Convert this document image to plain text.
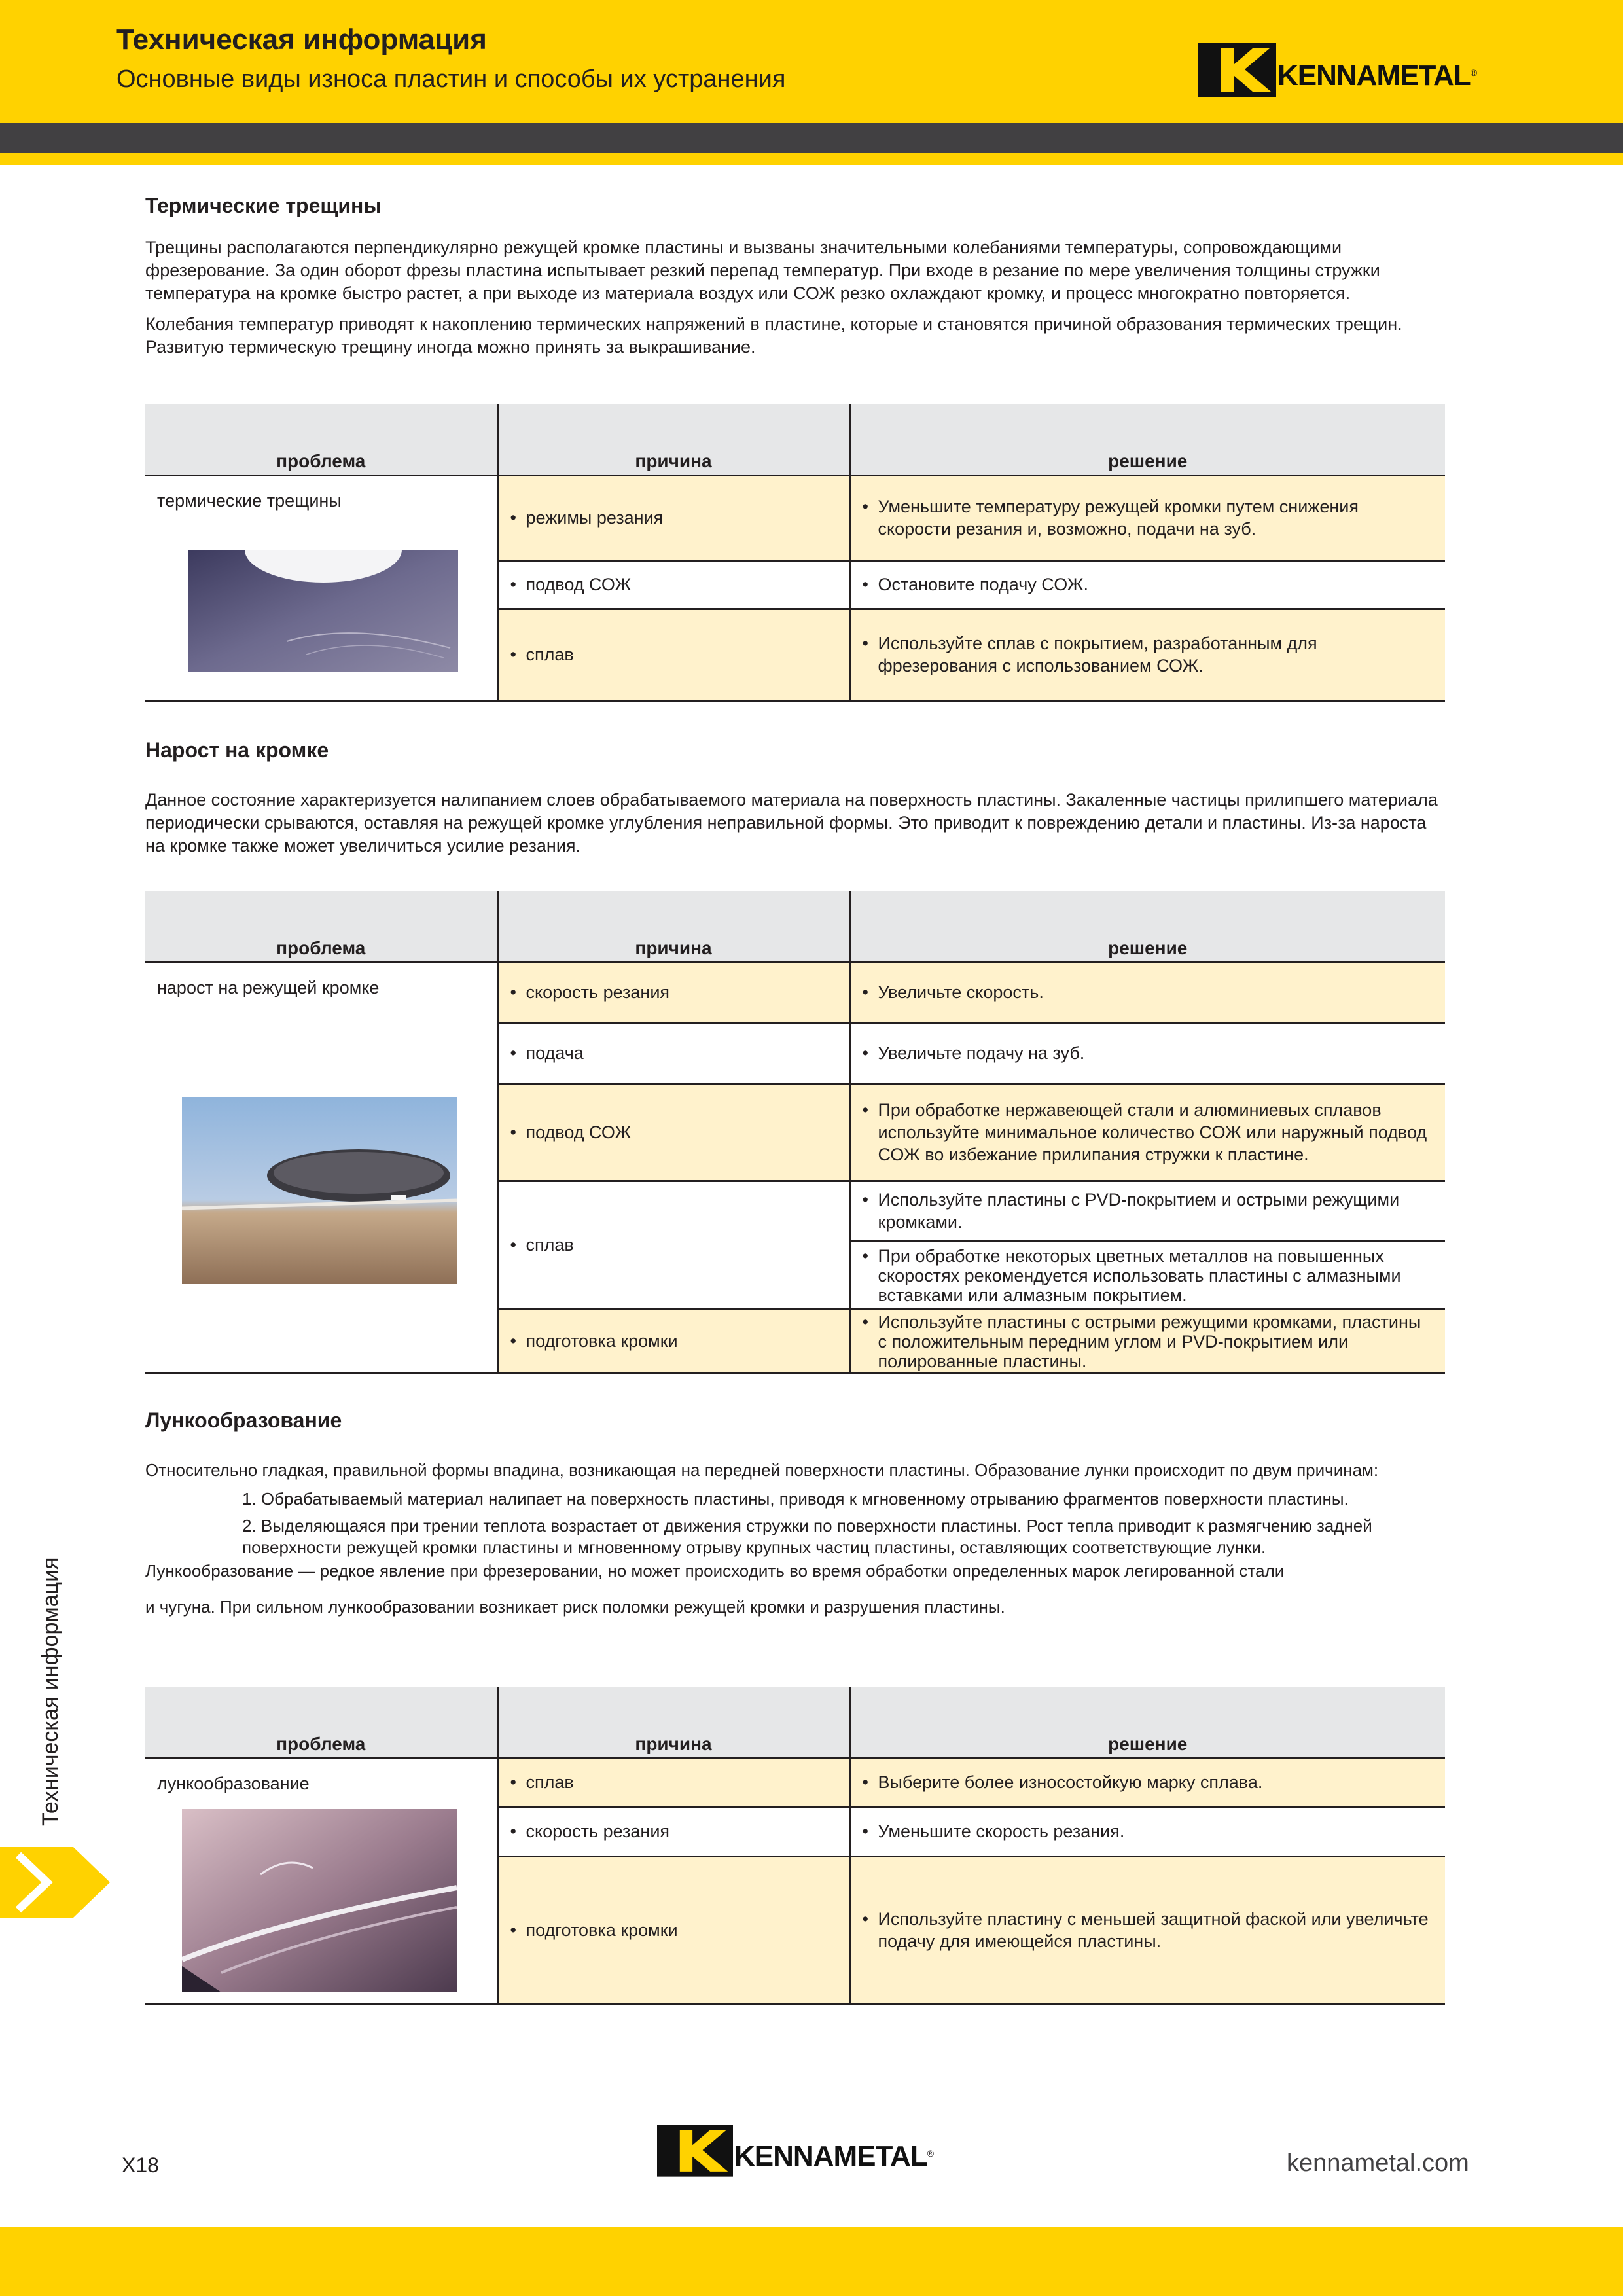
Техническая информация
Основные виды износа пластин и способы их устранения	KENNAMETAL ®
Термические трещины

Трещины располагаются перпендикулярно режущей кромке пластины и вызваны значительными колебаниями температуры, сопровождающими фрезерование. За один оборот фрезы пластина испытывает резкий перепад температур. При входе в резание по мере увеличения толщины стружки температура на кромке быстро растет, а при выходе из материала воздух или СОЖ резко охлаждают кромку, и процесс многократно повторяется.

Колебания температур приводят к накоплению термических напряжений в пластине, которые и становятся причиной образования термических трещин. Развитую термическую трещину иногда можно принять за выкрашивание.

проблема	причина	решение

термические трещины	• режимы резания	• Уменьшите температуру режущей кромки путем снижения скорости резания и, возможно, подачи на зуб.

	• подвод СОЖ	• Остановите подачу СОЖ.

	• сплав	• Используйте сплав с покрытием, разработанным для фрезерования с использованием СОЖ.
Нарост на кромке

Данное состояние характеризуется налипанием слоев обрабатываемого материала на поверхность пластины. Закаленные частицы прилипшего материала периодически срываются, оставляя на режущей кромке углубления неправильной формы. Это приводит к повреждению детали и пластины. Из-за нароста на кромке также может увеличиться усилие резания.

проблема	причина	решение

нарост на режущей кромке	• скорость резания	• Увеличьте скорость.

	• подача	• Увеличьте подачу на зуб.

	• подвод СОЖ	• При обработке нержавеющей стали и алюминиевых сплавов используйте минимальное количество СОЖ или наружный подвод СОЖ во избежание прилипания стружки к пластине.

	• сплав	• Используйте пластины с PVD-покрытием и острыми режущими кромками.

		• При обработке некоторых цветных металлов на повышенных скоростях рекомендуется использовать пластины с алмазными вставками или алмазным покрытием.

	• подготовка кромки	• Используйте пластины с острыми режущими кромками, пластины с положительным передним углом и PVD-покрытием или полированные пластины.
Лункообразование

Относительно гладкая, правильной формы впадина, возникающая на передней поверхности пластины. Образование лунки происходит по двум причинам:

1. Обрабатываемый материал налипает на поверхность пластины, приводя к мгновенному отрыванию фрагментов поверхности пластины.
2. Выделяющаяся при трении теплота возрастает от движения стружки по поверхности пластины. Рост тепла приводит к размягчению задней поверхности режущей кромки пластины и мгновенному отрыву крупных частиц пластины, оставляющих соответствующие лунки.

Лункообразование — редкое явление при фрезеровании, но может происходить во время обработки определенных марок легированной стали

и чугуна. При сильном лункообразовании возникает риск поломки режущей кромки и разрушения пластины.

проблема	причина	решение

лункообразование	• сплав	• Выберите более износостойкую марку сплава.

	• скорость резания	• Уменьшите скорость резания.

	• подготовка кромки	• Используйте пластину с меньшей защитной фаской или увеличьте подачу для имеющейся пластины.
Техническая информация
X18	KENNAMETAL ®	kennametal.com
